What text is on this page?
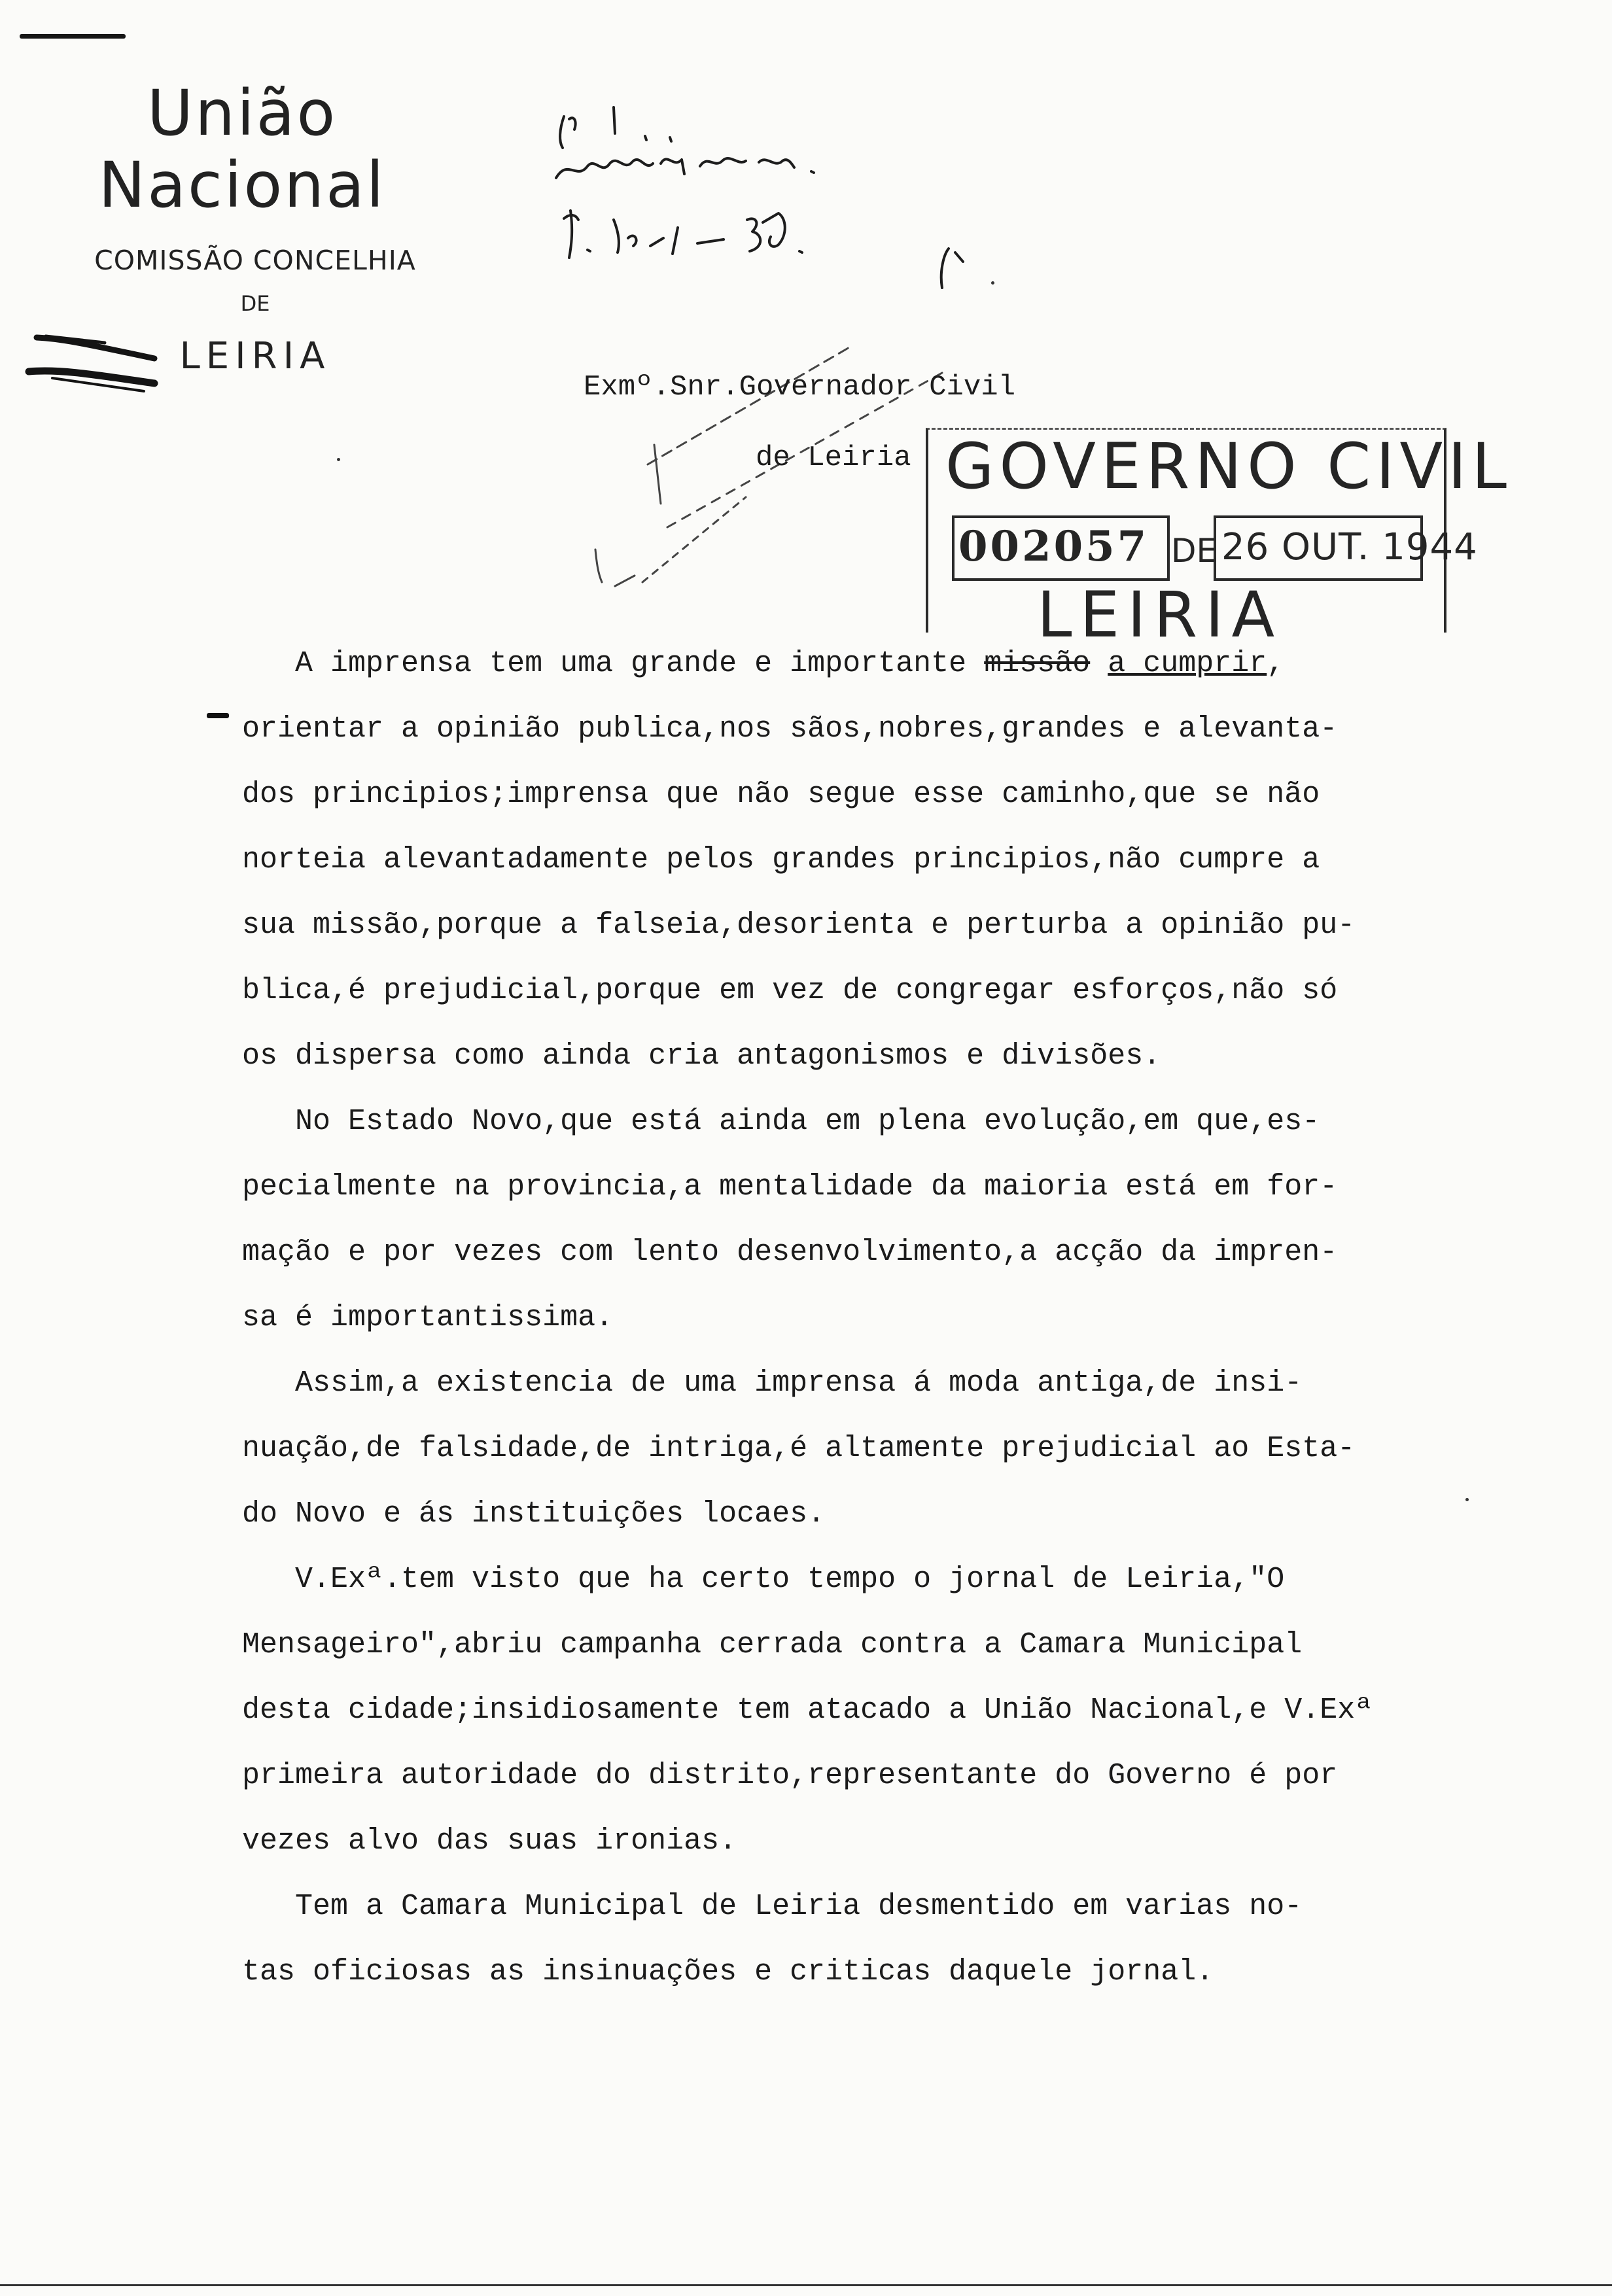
União Nacional
COMISSÃO CONCELHIA
DE
LEIRIA
Exmº.Snr.Governador Civil
de Leiria GOVERNO CIVIL
002057 DE 26 OUT. 1944
LEIRIA
A imprensa tem uma grande e importante missão a cumprir,
orientar a opinião publica,nos sãos,nobres,grandes e alevanta-
dos principios;imprensa que não segue esse caminho,que se não
norteia alevantadamente pelos grandes principios,não cumpre a
sua missão,porque a falseia,desorienta e perturba a opinião pu-
blica,é prejudicial,porque em vez de congregar esforços,não só
os dispersa como ainda cria antagonismos e divisões.
No Estado Novo,que está ainda em plena evolução,em que,es-
pecialmente na provincia,a mentalidade da maioria está em for-
mação e por vezes com lento desenvolvimento,a acção da impren-
sa é importantissima.
Assim,a existencia de uma imprensa á moda antiga,de insi-
nuação,de falsidade,de intriga,é altamente prejudicial ao Esta-
do Novo e ás instituições locaes.
V.Exª.tem visto que ha certo tempo o jornal de Leiria,"O
Mensageiro",abriu campanha cerrada contra a Camara Municipal
desta cidade;insidiosamente tem atacado a União Nacional,e V.Exª
primeira autoridade do distrito,representante do Governo é por
vezes alvo das suas ironias.
Tem a Camara Municipal de Leiria desmentido em varias no-
tas oficiosas as insinuações e criticas daquele jornal.
